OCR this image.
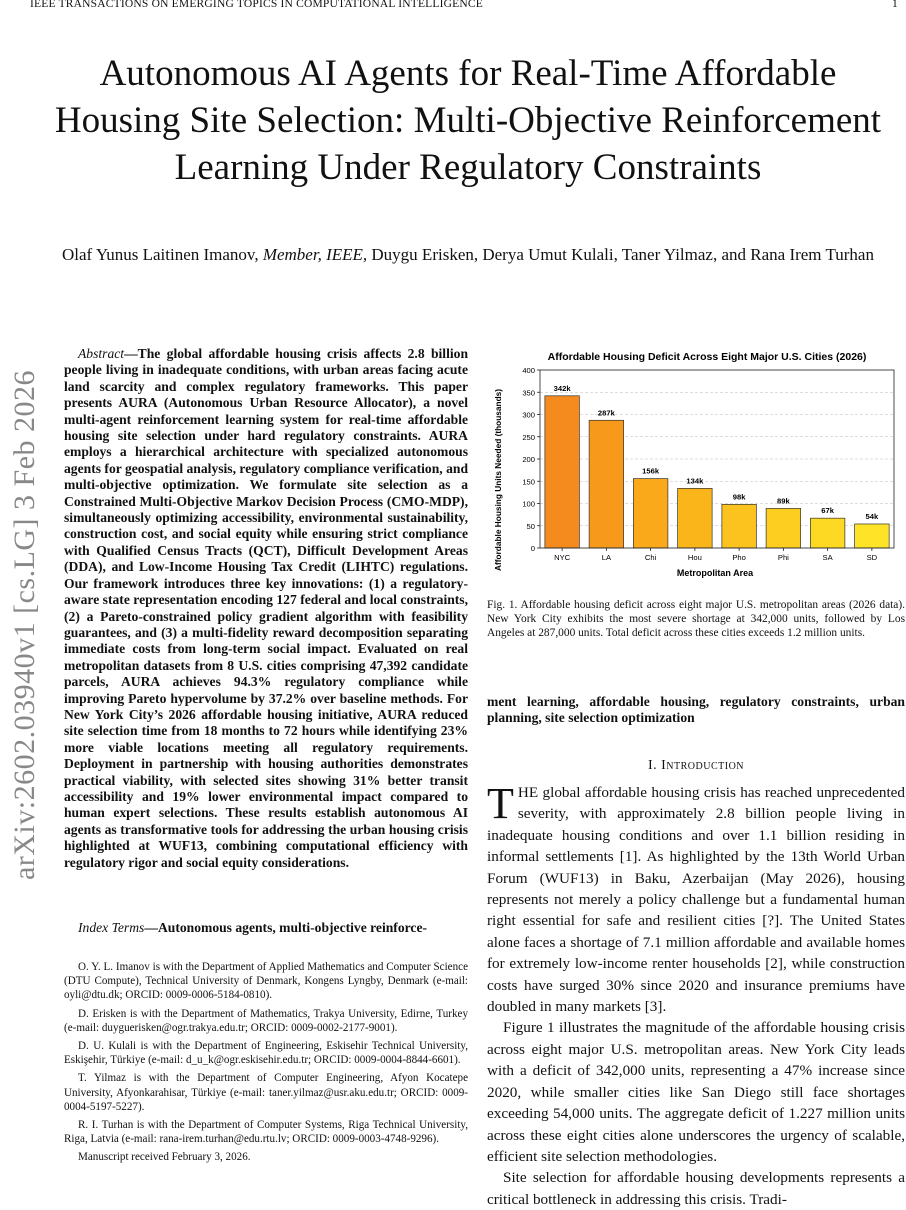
IEEE TRANSACTIONS ON EMERGING TOPICS IN COMPUTATIONAL INTELLIGENCE	1
Autonomous AI Agents for Real-Time Affordable Housing Site Selection: Multi-Objective Reinforcement Learning Under Regulatory Constraints
Olaf Yunus Laitinen Imanov, Member, IEEE, Duygu Erisken, Derya Umut Kulali, Taner Yilmaz, and Rana Irem Turhan
arXiv:2602.03940v1 [cs.LG] 3 Feb 2026
Abstract—The global affordable housing crisis affects 2.8 billion people living in inadequate conditions, with urban areas facing acute land scarcity and complex regulatory frameworks. This paper presents AURA (Autonomous Urban Resource Allocator), a novel multi-agent reinforcement learning system for real-time affordable housing site selection under hard regulatory constraints. AURA employs a hierarchical architecture with specialized autonomous agents for geospatial analysis, regulatory compliance verification, and multi-objective optimization. We formulate site selection as a Constrained Multi-Objective Markov Decision Process (CMO-MDP), simultaneously optimizing accessibility, environmental sustainability, construction cost, and social equity while ensuring strict compliance with Qualified Census Tracts (QCT), Difficult Development Areas (DDA), and Low-Income Housing Tax Credit (LIHTC) regulations. Our framework introduces three key innovations: (1) a regulatory-aware state representation encoding 127 federal and local constraints, (2) a Pareto-constrained policy gradient algorithm with feasibility guarantees, and (3) a multi-fidelity reward decomposition separating immediate costs from long-term social impact. Evaluated on real metropolitan datasets from 8 U.S. cities comprising 47,392 candidate parcels, AURA achieves 94.3% regulatory compliance while improving Pareto hypervolume by 37.2% over baseline methods. For New York City’s 2026 affordable housing initiative, AURA reduced site selection time from 18 months to 72 hours while identifying 23% more viable locations meeting all regulatory requirements. Deployment in partnership with housing authorities demonstrates practical viability, with selected sites showing 31% better transit accessibility and 19% lower environmental impact compared to human expert selections. These results establish autonomous AI agents as transformative tools for addressing the urban housing crisis highlighted at WUF13, combining computational efficiency with regulatory rigor and social equity considerations.
Index Terms—Autonomous agents, multi-objective reinforce-

O. Y. L. Imanov is with the Department of Applied Mathematics and Computer Science (DTU Compute), Technical University of Denmark, Kongens Lyngby, Denmark (e-mail: oyli@dtu.dk; ORCID: 0009-0006-5184-0810).

D. Erisken is with the Department of Mathematics, Trakya University, Edirne, Turkey (e-mail: duyguerisken@ogr.trakya.edu.tr; ORCID: 0009-0002-2177-9001).

D. U. Kulali is with the Department of Engineering, Eskisehir Technical University, Eskişehir, Türkiye (e-mail: d_u_k@ogr.eskisehir.edu.tr; ORCID: 0009-0004-8844-6601).

T. Yilmaz is with the Department of Computer Engineering, Afyon Kocatepe University, Afyonkarahisar, Türkiye (e-mail: taner.yilmaz@usr.aku.edu.tr; ORCID: 0009-0004-5197-5227).

R. I. Turhan is with the Department of Computer Systems, Riga Technical University, Riga, Latvia (e-mail: rana-irem.turhan@edu.rtu.lv; ORCID: 0009-0003-4748-9296).

Manuscript received February 3, 2026.

Affordable Housing Deficit Across Eight Major U.S. Cities (2026)
Affordable Housing Units Needed (thousands)
Metropolitan Area
0
50
100
150
200
250
300
350
400
342k
287k
156k
134k
98k	89k
67k
54k
NYC	LA	Chi	Hou	Pho	Phi	SA	SD
Fig. 1. Affordable housing deficit across eight major U.S. metropolitan areas (2026 data). New York City exhibits the most severe shortage at 342,000 units, followed by Los Angeles at 287,000 units. Total deficit across these cities exceeds 1.2 million units.
ment learning, affordable housing, regulatory constraints, urban planning, site selection optimization
I. Introduction

THE global affordable housing crisis has reached unprecedented severity, with approximately 2.8 billion people living in inadequate housing conditions and over 1.1 billion residing in informal settlements [1]. As highlighted by the 13th World Urban Forum (WUF13) in Baku, Azerbaijan (May 2026), housing represents not merely a policy challenge but a fundamental human right essential for safe and resilient cities [?]. The United States alone faces a shortage of 7.1 million affordable and available homes for extremely low-income renter households [2], while construction costs have surged 30% since 2020 and insurance premiums have doubled in many markets [3].

Figure 1 illustrates the magnitude of the affordable housing crisis across eight major U.S. metropolitan areas. New York City leads with a deficit of 342,000 units, representing a 47% increase since 2020, while smaller cities like San Diego still face shortages exceeding 54,000 units. The aggregate deficit of 1.227 million units across these eight cities alone underscores the urgency of scalable, efficient site selection methodologies.

Site selection for affordable housing developments represents a critical bottleneck in addressing this crisis. Tradi-
